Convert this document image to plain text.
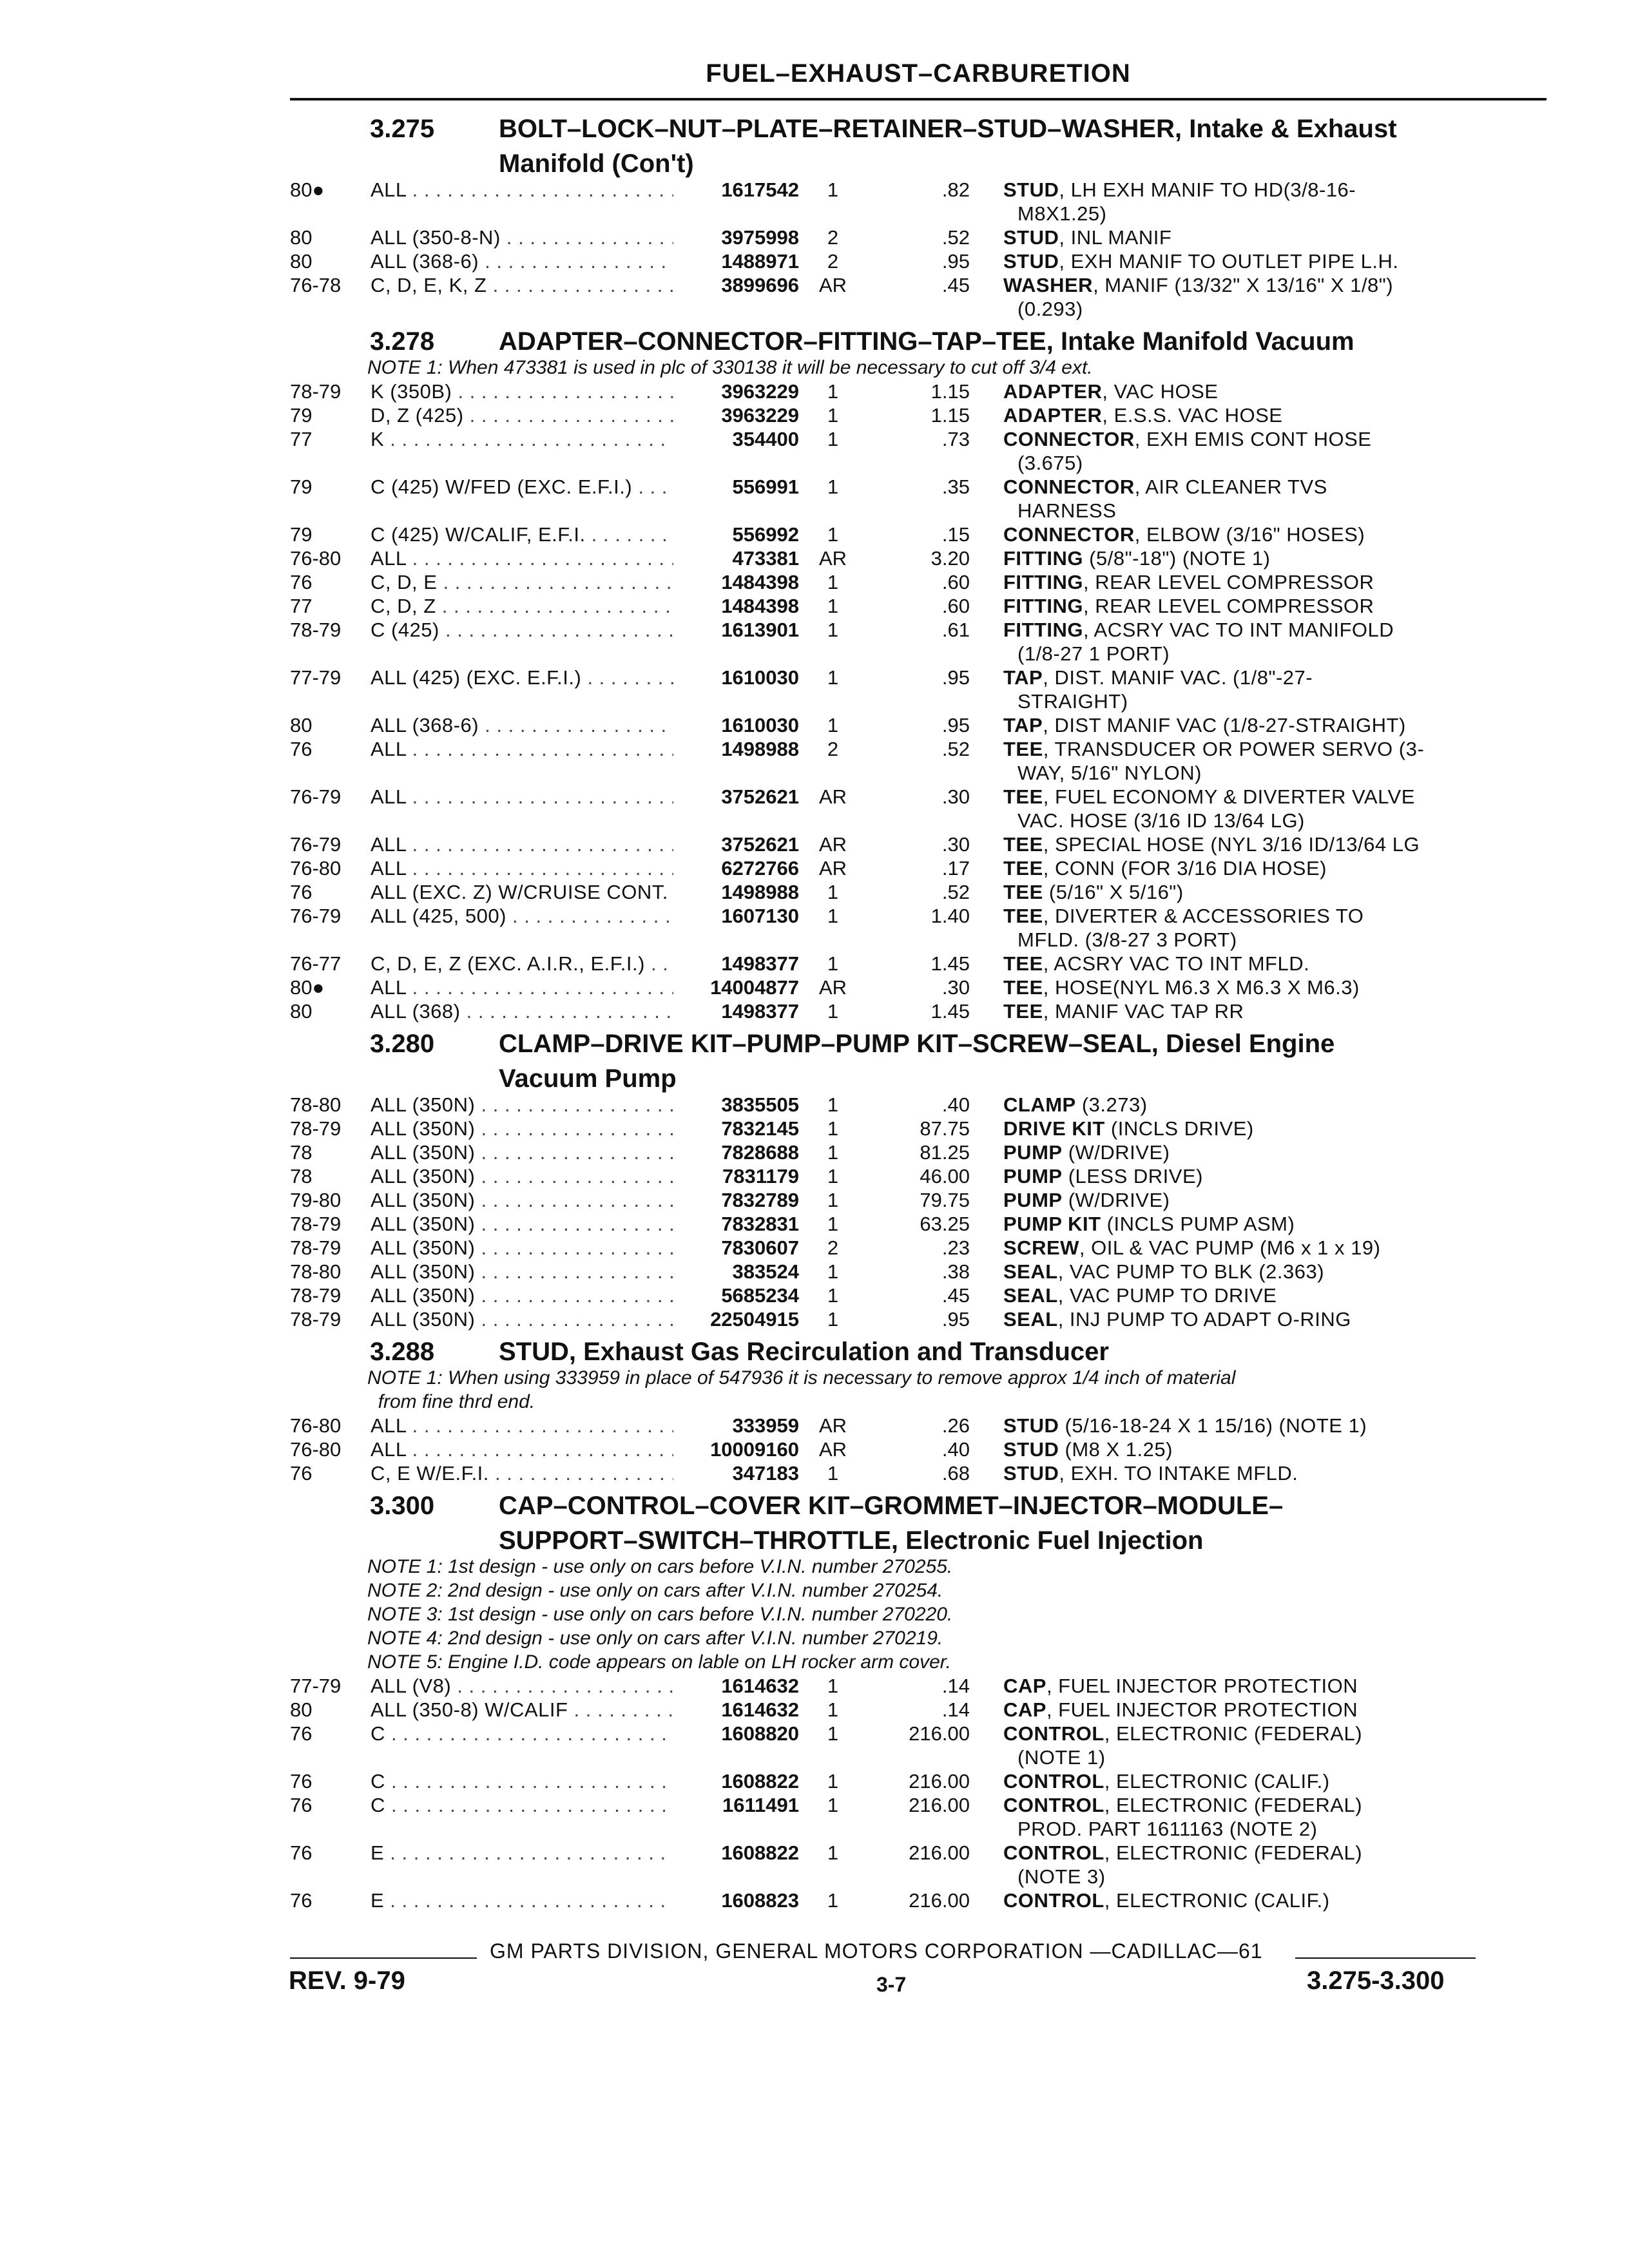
FUEL–EXHAUST–CARBURETION
3.275	BOLT–LOCK–NUT–PLATE–RETAINER–STUD–WASHER, Intake & Exhaust
Manifold (Con't)
80●	ALL . . .	1617542	1	.82 STUD, LH EXH MANIF TO HD(3/8-16-
M8X1.25)
80	ALL (350-8-N) . . .	3975998	2	.52 STUD, INL MANIF
80	ALL (368-6) . . .	1488971	2	.95 STUD, EXH MANIF TO OUTLET PIPE L.H.
76-78	C, D, E, K, Z . . .	3899696 AR	.45 WASHER, MANIF (13/32" X 13/16" X 1/8")
(0.293)
3.278	ADAPTER–CONNECTOR–FITTING–TAP–TEE, Intake Manifold Vacuum
NOTE 1: When 473381 is used in plc of 330138 it will be necessary to cut off 3/4 ext.
78-79	K (350B) . . .	3963229	1	1.15 ADAPTER, VAC HOSE
79	D, Z (425) . . .	3963229	1	1.15 ADAPTER, E.S.S. VAC HOSE
77	K . . .	354400	1	.73 CONNECTOR, EXH EMIS CONT HOSE
(3.675)
79	C (425) W/FED (EXC. E.F.I.) . . .	556991	1	.35 CONNECTOR, AIR CLEANER TVS
HARNESS
79	C (425) W/CALIF, E.F.I. . . .	556992	1	.15 CONNECTOR, ELBOW (3/16" HOSES)
76-80	ALL . . .	473381 AR	3.20 FITTING (5/8"-18") (NOTE 1)
76	C, D, E . . .	1484398	1	.60 FITTING, REAR LEVEL COMPRESSOR
77	C, D, Z . . .	1484398	1	.60 FITTING, REAR LEVEL COMPRESSOR
78-79	C (425) . . .	1613901	1	.61 FITTING, ACSRY VAC TO INT MANIFOLD
(1/8-27 1 PORT)
77-79	ALL (425) (EXC. E.F.I.) . . .	1610030	1	.95 TAP, DIST. MANIF VAC. (1/8"-27-
STRAIGHT)
80	ALL (368-6) . . .	1610030	1	.95 TAP, DIST MANIF VAC (1/8-27-STRAIGHT)
76	ALL . . .	1498988	2	.52 TEE, TRANSDUCER OR POWER SERVO (3-
WAY, 5/16" NYLON)
76-79	ALL . . .	3752621 AR	.30 TEE, FUEL ECONOMY & DIVERTER VALVE
VAC. HOSE (3/16 ID 13/64 LG)
76-79	ALL . . .	3752621 AR	.30 TEE, SPECIAL HOSE (NYL 3/16 ID/13/64 LG
76-80	ALL . . .	6272766 AR	.17 TEE, CONN (FOR 3/16 DIA HOSE)
76	ALL (EXC. Z) W/CRUISE CONT. . . .	1498988	1	.52 TEE (5/16" X 5/16")
76-79	ALL (425, 500) . . .	1607130	1	1.40 TEE, DIVERTER & ACCESSORIES TO
MFLD. (3/8-27 3 PORT)
76-77	C, D, E, Z (EXC. A.I.R., E.F.I.) . . .	1498377	1	1.45 TEE, ACSRY VAC TO INT MFLD.
80●	ALL . . .	14004877 AR	.30 TEE, HOSE(NYL M6.3 X M6.3 X M6.3)
80	ALL (368) . . .	1498377	1	1.45 TEE, MANIF VAC TAP RR
3.280	CLAMP–DRIVE KIT–PUMP–PUMP KIT–SCREW–SEAL, Diesel Engine
Vacuum Pump
78-80	ALL (350N) . . .	3835505	1	.40 CLAMP (3.273)
78-79	ALL (350N) . . .	7832145	1	87.75 DRIVE KIT (INCLS DRIVE)
78	ALL (350N) . . .	7828688	1	81.25 PUMP (W/DRIVE)
78	ALL (350N) . . .	7831179	1	46.00 PUMP (LESS DRIVE)
79-80	ALL (350N) . . .	7832789	1	79.75 PUMP (W/DRIVE)
78-79	ALL (350N) . . .	7832831	1	63.25 PUMP KIT (INCLS PUMP ASM)
78-79	ALL (350N) . . .	7830607	2	.23 SCREW, OIL & VAC PUMP (M6 x 1 x 19)
78-80	ALL (350N) . . .	383524	1	.38 SEAL, VAC PUMP TO BLK (2.363)
78-79	ALL (350N) . . .	5685234	1	.45 SEAL, VAC PUMP TO DRIVE
78-79	ALL (350N) . . .	22504915	1	.95 SEAL, INJ PUMP TO ADAPT O-RING
3.288	STUD, Exhaust Gas Recirculation and Transducer
NOTE 1: When using 333959 in place of 547936 it is necessary to remove approx 1/4 inch of material
from fine thrd end.
76-80	ALL . . .	333959 AR	.26 STUD (5/16-18-24 X 1 15/16) (NOTE 1)
76-80	ALL . . .	10009160 AR	.40 STUD (M8 X 1.25)
76	C, E W/E.F.I. . . .	347183	1	.68 STUD, EXH. TO INTAKE MFLD.
3.300	CAP–CONTROL–COVER KIT–GROMMET–INJECTOR–MODULE–
SUPPORT–SWITCH–THROTTLE, Electronic Fuel Injection
NOTE 1: 1st design - use only on cars before V.I.N. number 270255.
NOTE 2: 2nd design - use only on cars after V.I.N. number 270254.
NOTE 3: 1st design - use only on cars before V.I.N. number 270220.
NOTE 4: 2nd design - use only on cars after V.I.N. number 270219.
NOTE 5: Engine I.D. code appears on lable on LH rocker arm cover.
77-79	ALL (V8) . . .	1614632	1	.14 CAP, FUEL INJECTOR PROTECTION
80	ALL (350-8) W/CALIF . . .	1614632	1	.14 CAP, FUEL INJECTOR PROTECTION
76	C . . .	1608820	1	216.00 CONTROL, ELECTRONIC (FEDERAL)
(NOTE 1)
76	C . . .	1608822	1	216.00 CONTROL, ELECTRONIC (CALIF.)
76	C . . .	1611491	1	216.00 CONTROL, ELECTRONIC (FEDERAL)
PROD. PART 1611163 (NOTE 2)
76	E . . .	1608822	1	216.00 CONTROL, ELECTRONIC (FEDERAL)
(NOTE 3)
76	E . . .	1608823	1	216.00 CONTROL, ELECTRONIC (CALIF.)
GM PARTS DIVISION, GENERAL MOTORS CORPORATION —CADILLAC—61
REV. 9-79	3-7	3.275-3.300
